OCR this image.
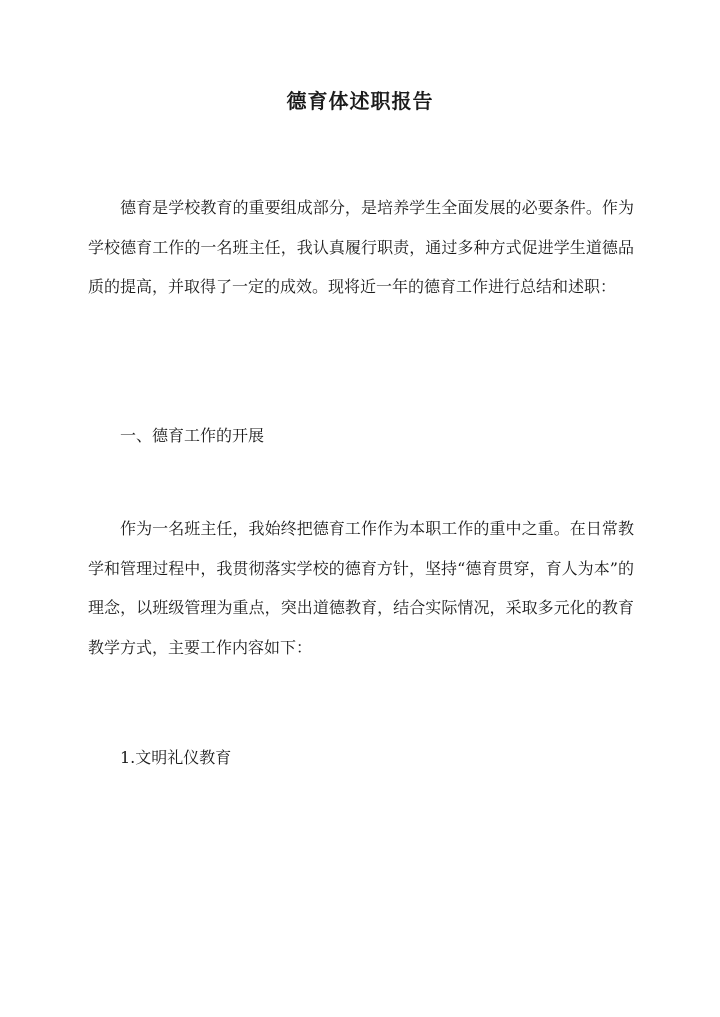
德育体述职报告

德育是学校教育的重要组成部分，是培养学生全面发展的必要条件。作为学校德育工作的一名班主任，我认真履行职责，通过多种方式促进学生道德品质的提高，并取得了一定的成效。现将近一年的德育工作进行总结和述职：

一、德育工作的开展

作为一名班主任，我始终把德育工作作为本职工作的重中之重。在日常教学和管理过程中，我贯彻落实学校的德育方针，坚持“德育贯穿，育人为本”的理念，以班级管理为重点，突出道德教育，结合实际情况，采取多元化的教育教学方式，主要工作内容如下：

1.文明礼仪教育
